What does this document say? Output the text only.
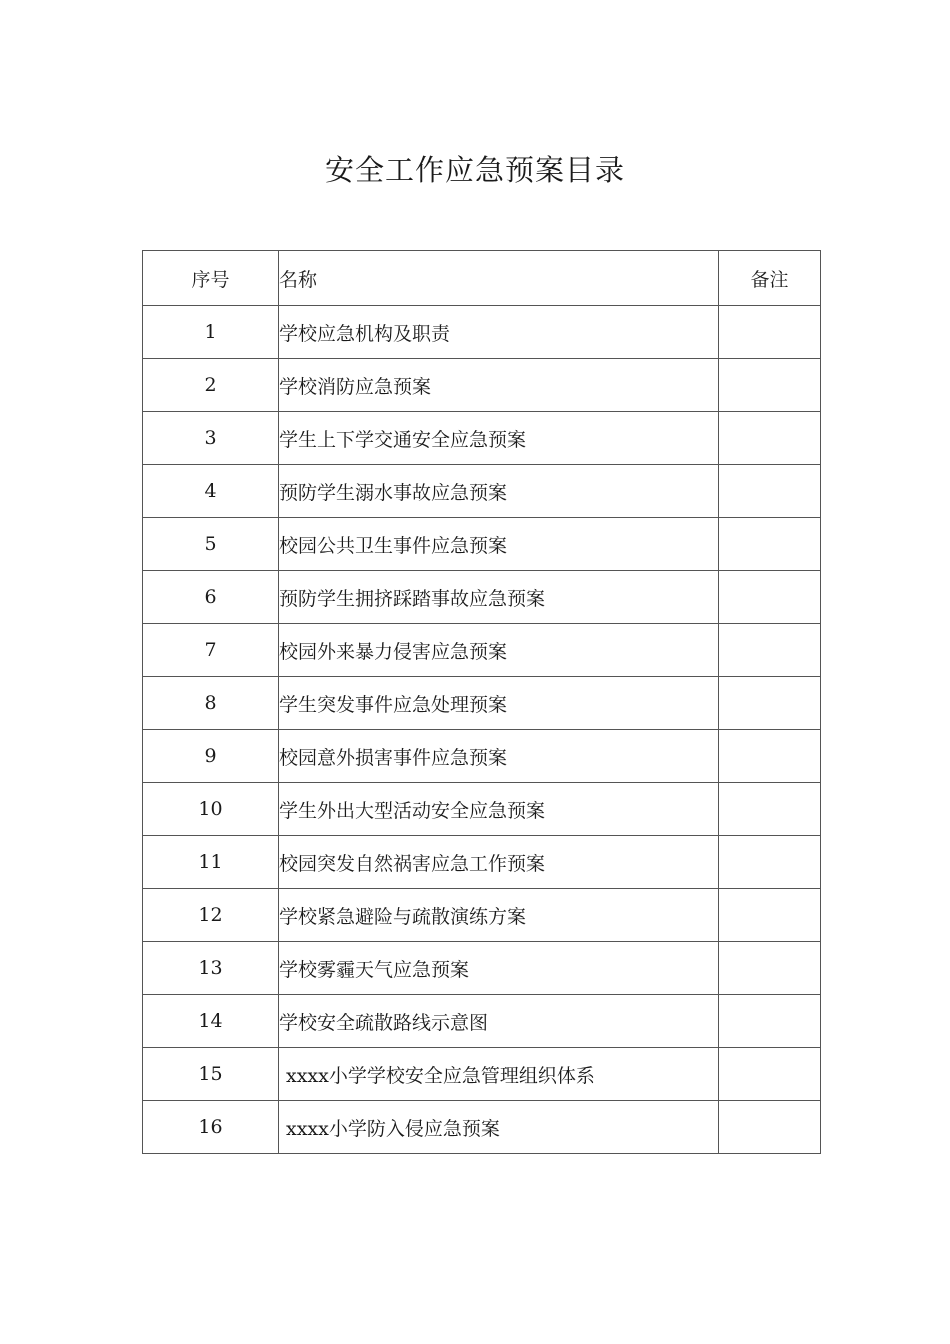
安全工作应急预案目录
序号	名称	备注
1	学校应急机构及职责	
2	学校消防应急预案	
3	学生上下学交通安全应急预案	
4	预防学生溺水事故应急预案	
5	校园公共卫生事件应急预案	
6	预防学生拥挤踩踏事故应急预案	
7	校园外来暴力侵害应急预案	
8	学生突发事件应急处理预案	
9	校园意外损害事件应急预案	
10	学生外出大型活动安全应急预案	
11	校园突发自然祸害应急工作预案	
12	学校紧急避险与疏散演练方案	
13	学校雾霾天气应急预案	
14	学校安全疏散路线示意图	
15	xxxx小学学校安全应急管理组织体系	
16	xxxx小学防入侵应急预案	
